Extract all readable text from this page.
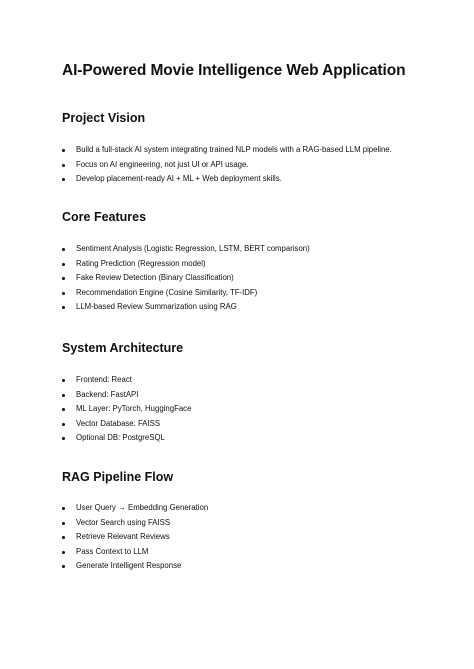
AI-Powered Movie Intelligence Web Application
Project Vision
Build a full-stack AI system integrating trained NLP models with a RAG-based LLM pipeline.
Focus on AI engineering, not just UI or API usage.
Develop placement-ready AI + ML + Web deployment skills.
Core Features
Sentiment Analysis (Logistic Regression, LSTM, BERT comparison)
Rating Prediction (Regression model)
Fake Review Detection (Binary Classification)
Recommendation Engine (Cosine Similarity, TF-IDF)
LLM-based Review Summarization using RAG
System Architecture
Frontend: React
Backend: FastAPI
ML Layer: PyTorch, HuggingFace
Vector Database: FAISS
Optional DB: PostgreSQL
RAG Pipeline Flow
User Query → Embedding Generation
Vector Search using FAISS
Retrieve Relevant Reviews
Pass Context to LLM
Generate Intelligent Response
